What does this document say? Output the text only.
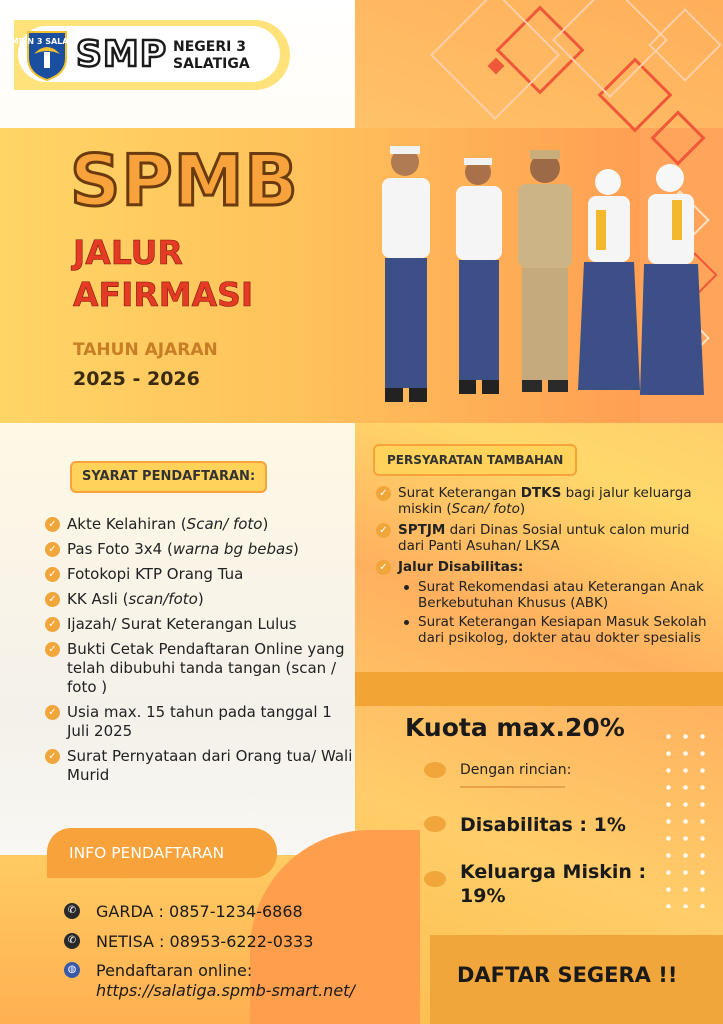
SMP N 3 SALATIGA
SMP NEGERI 3
SALATIGA
SPMB
JALUR
AFIRMASI
TAHUN AJARAN
2025 - 2026
SYARAT PENDAFTARAN:
✓ Akte Kelahiran (Scan/ foto)
✓ Pas Foto 3x4 (warna bg bebas)
✓ Fotokopi KTP Orang Tua
✓ KK Asli (scan/foto)
✓ Ijazah/ Surat Keterangan Lulus
✓ Bukti Cetak Pendaftaran Online yang telah dibubuhi tanda tangan (scan / foto )
✓ Usia max. 15 tahun pada tanggal 1 Juli 2025
✓ Surat Pernyataan dari Orang tua/ Wali Murid
PERSYARATAN TAMBAHAN
✓ Surat Keterangan DTKS bagi jalur keluarga miskin (Scan/ foto)
✓ SPTJM dari Dinas Sosial untuk calon murid dari Panti Asuhan/ LKSA
✓ Jalur Disabilitas:
Surat Rekomendasi atau Keterangan Anak Berkebutuhan Khusus (ABK)
Surat Keterangan Kesiapan Masuk Sekolah dari psikolog, dokter atau dokter spesialis
Kuota max.20%
Dengan rincian:
Disabilitas : 1%
Keluarga Miskin :
19%
INFO PENDAFTARAN
✆ GARDA : 0857-1234-6868
✆ NETISA : 08953-6222-0333
◍ Pendaftaran online:
https://salatiga.spmb-smart.net/
DAFTAR SEGERA !!
